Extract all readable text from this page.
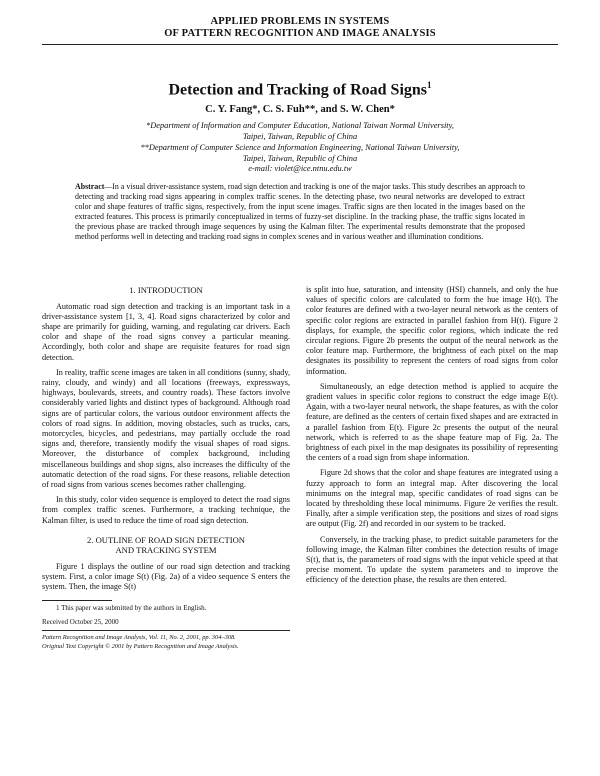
APPLIED PROBLEMS IN SYSTEMS
OF PATTERN RECOGNITION AND IMAGE ANALYSIS
Detection and Tracking of Road Signs$^1$
C. Y. Fang*, C. S. Fuh**, and S. W. Chen*
*Department of Information and Computer Education, National Taiwan Normal University,
Taipei, Taiwan, Republic of China
**Department of Computer Science and Information Engineering, National Taiwan University,
Taipei, Taiwan, Republic of China
e-mail: violet@ice.ntnu.edu.tw
Abstract—In a visual driver-assistance system, road sign detection and tracking is one of the major tasks. This study describes an approach to detecting and tracking road signs appearing in complex traffic scenes. In the detecting phase, two neural networks are developed to extract color and shape features of traffic signs, respectively, from the input scene images. Traffic signs are then located in the images based on the extracted features. This process is primarily conceptualized in terms of fuzzy-set discipline. In the tracking phase, the traffic signs located in the previous phase are tracked through image sequences by using the Kalman filter. The experimental results demonstrate that the proposed method performs well in detecting and tracking road signs in complex scenes and in various weather and illumination conditions.
1. INTRODUCTION

Automatic road sign detection and tracking is an important task in a driver-assistance system [1, 3, 4]. Road signs characterized by color and shape are primarily for guiding, warning, and regulating car drivers. Each color and shape of the road signs convey a particular meaning. Accordingly, both color and shape are requisite features for road sign detection.

In reality, traffic scene images are taken in all conditions (sunny, shady, rainy, cloudy, and windy) and all locations (freeways, expressways, highways, boulevards, streets, and country roads). These factors involve considerably varied lights and distinct types of background. Although road signs are of particular colors, the various outdoor environment affects the colors of road signs. In addition, moving obstacles, such as trucks, cars, motorcycles, bicycles, and pedestrians, may partially occlude the road signs and, therefore, transiently modify the visual shapes of road signs. Moreover, the disturbance of complex background, including miscellaneous buildings and shop signs, also increases the difficulty of the automatic detection of the road signs. For these reasons, reliable detection of road signs from various scenes becomes rather challenging.

In this study, color video sequence is employed to detect the road signs from complex traffic scenes. Furthermore, a tracking technique, the Kalman filter, is used to reduce the time of road sign detection.

2. OUTLINE OF ROAD SIGN DETECTION
AND TRACKING SYSTEM

Figure 1 displays the outline of our road sign detection and tracking system. First, a color image S(t) (Fig. 2a) of a video sequence S enters the system. Then, the image S(t)

1 This paper was submitted by the authors in English.

Received October 25, 2000
Pattern Recognition and Image Analysis, Vol. 11, No. 2, 2001, pp. 304–308.
Original Text Copyright © 2001 by Pattern Recognition and Image Analysis.

is split into hue, saturation, and intensity (HSI) channels, and only the hue values of specific colors are calculated to form the hue image H(t). The color features are defined with a two-layer neural network as the centers of specific color regions are extracted in parallel fashion from H(t). Figure 2 displays, for example, the specific color regions, which indicate the red circular regions. Figure 2b presents the output of the neural network as the color feature map. Furthermore, the brightness of each pixel on the map designates its possibility to represent the centers of road signs from color information.

Simultaneously, an edge detection method is applied to acquire the gradient values in specific color regions to construct the edge image E(t). Again, with a two-layer neural network, the shape features, as with the color feature, are defined as the centers of certain fixed shapes and are extracted in a parallel fashion from E(t). Figure 2c presents the output of the neural network, which is referred to as the shape feature map of Fig. 2a. The brightness of each pixel in the map designates its possibility of representing the centers of a road sign from shape information.

Figure 2d shows that the color and shape features are integrated using a fuzzy approach to form an integral map. After discovering the local minimums on the integral map, specific candidates of road signs can be located by thresholding these local minimums. Figure 2e verifies the result. Finally, after a simple verification step, the positions and sizes of road signs are output (Fig. 2f) and recorded in our system to be tracked.

Conversely, in the tracking phase, to predict suitable parameters for the following image, the Kalman filter combines the detection results of image S(t), that is, the parameters of road signs with the input vehicle speed at that precise moment. To update the system parameters and to improve the efficiency of the detection phase, the results are then entered.
